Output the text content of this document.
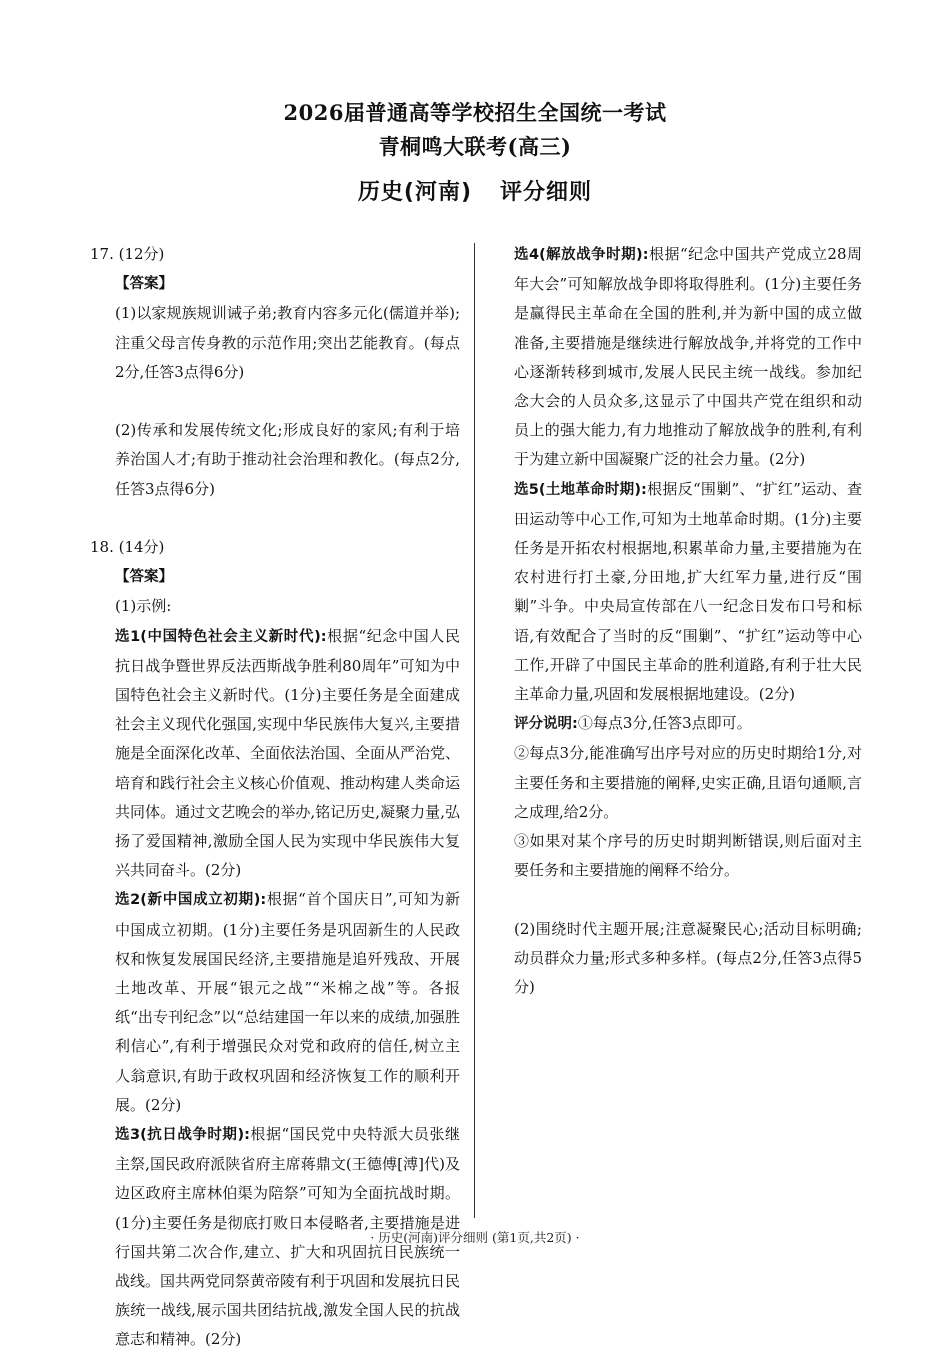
2026届普通高等学校招生全国统一考试
青桐鸣大联考(高三)
历史(河南) 评分细则

17. (12分)

【答案】

(1)以家规族规训诫子弟;教育内容多元化(儒道并举);注重父母言传身教的示范作用;突出艺能教育。(每点2分,任答3点得6分)

(2)传承和发展传统文化;形成良好的家风;有利于培养治国人才;有助于推动社会治理和教化。(每点2分,任答3点得6分)

18. (14分)

【答案】

(1)示例:

选1(中国特色社会主义新时代):根据“纪念中国人民抗日战争暨世界反法西斯战争胜利80周年”可知为中国特色社会主义新时代。(1分)主要任务是全面建成社会主义现代化强国,实现中华民族伟大复兴,主要措施是全面深化改革、全面依法治国、全面从严治党、培育和践行社会主义核心价值观、推动构建人类命运共同体。通过文艺晚会的举办,铭记历史,凝聚力量,弘扬了爱国精神,激励全国人民为实现中华民族伟大复兴共同奋斗。(2分)

选2(新中国成立初期):根据“首个国庆日”,可知为新中国成立初期。(1分)主要任务是巩固新生的人民政权和恢复发展国民经济,主要措施是追歼残敌、开展土地改革、开展“银元之战”“米棉之战”等。各报纸“出专刊纪念”以“总结建国一年以来的成绩,加强胜利信心”,有利于增强民众对党和政府的信任,树立主人翁意识,有助于政权巩固和经济恢复工作的顺利开展。(2分)

选3(抗日战争时期):根据“国民党中央特派大员张继主祭,国民政府派陕省府主席蒋鼎文(王德傅[溥]代)及边区政府主席林伯渠为陪祭”可知为全面抗战时期。(1分)主要任务是彻底打败日本侵略者,主要措施是进行国共第二次合作,建立、扩大和巩固抗日民族统一战线。国共两党同祭黄帝陵有利于巩固和发展抗日民族统一战线,展示国共团结抗战,激发全国人民的抗战意志和精神。(2分)

选4(解放战争时期):根据“纪念中国共产党成立28周年大会”可知解放战争即将取得胜利。(1分)主要任务是赢得民主革命在全国的胜利,并为新中国的成立做准备,主要措施是继续进行解放战争,并将党的工作中心逐渐转移到城市,发展人民民主统一战线。参加纪念大会的人员众多,这显示了中国共产党在组织和动员上的强大能力,有力地推动了解放战争的胜利,有利于为建立新中国凝聚广泛的社会力量。(2分)

选5(土地革命时期):根据反“围剿”、“扩红”运动、查田运动等中心工作,可知为土地革命时期。(1分)主要任务是开拓农村根据地,积累革命力量,主要措施为在农村进行打土豪,分田地,扩大红军力量,进行反“围剿”斗争。中央局宣传部在八一纪念日发布口号和标语,有效配合了当时的反“围剿”、“扩红”运动等中心工作,开辟了中国民主革命的胜利道路,有利于壮大民主革命力量,巩固和发展根据地建设。(2分)

评分说明:①每点3分,任答3点即可。

②每点3分,能准确写出序号对应的历史时期给1分,对主要任务和主要措施的阐释,史实正确,且语句通顺,言之成理,给2分。

③如果对某个序号的历史时期判断错误,则后面对主要任务和主要措施的阐释不给分。

(2)围绕时代主题开展;注意凝聚民心;活动目标明确;动员群众力量;形式多种多样。(每点2分,任答3点得5分)

· 历史(河南)评分细则 (第1页,共2页) ·
